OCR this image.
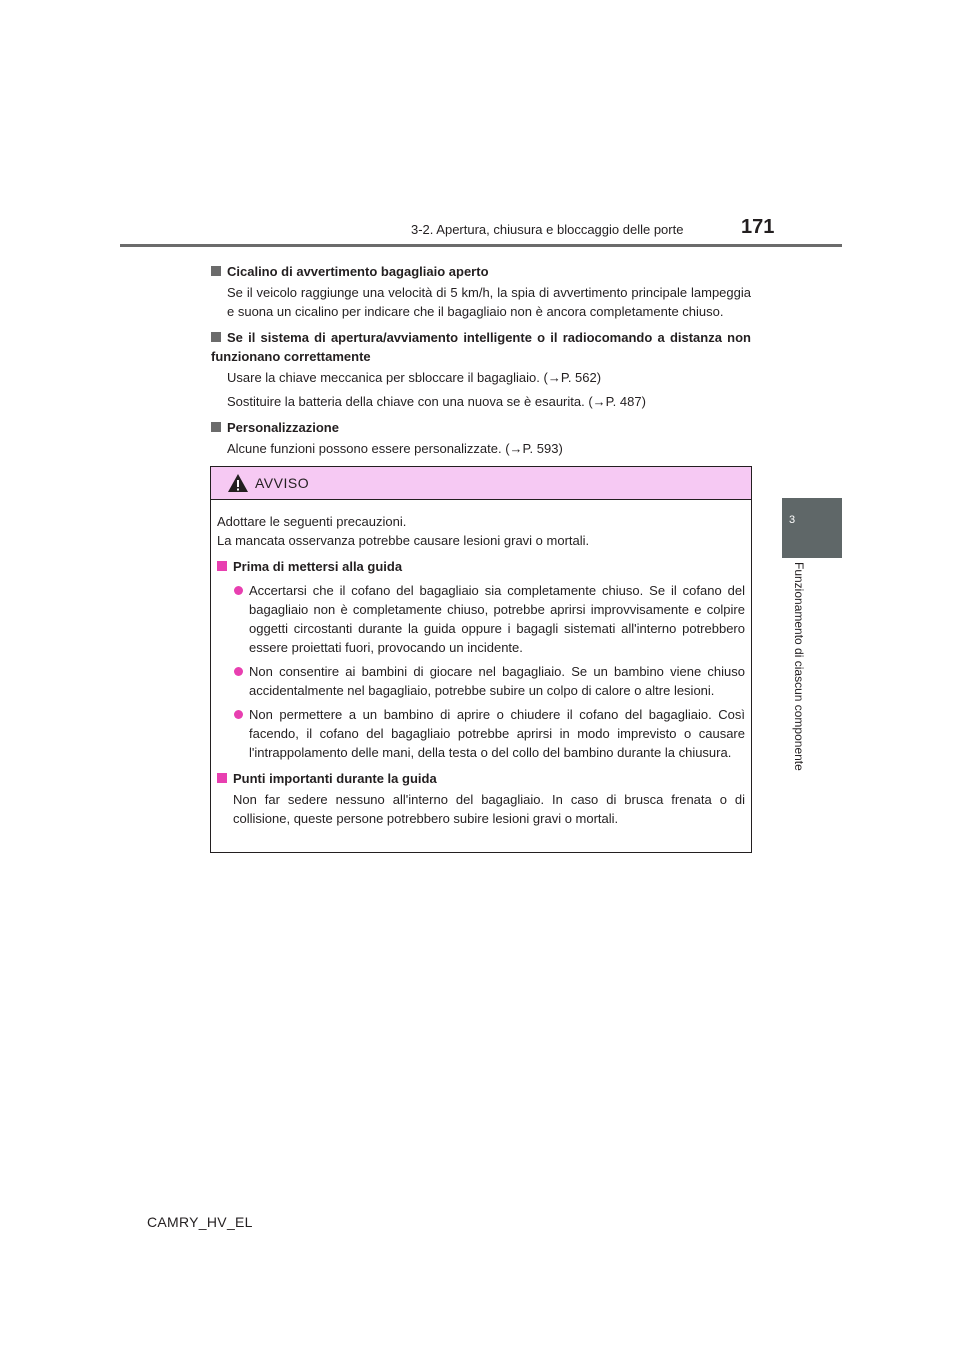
3-2. Apertura, chiusura e bloccaggio delle porte	171
3
Funzionamento di ciascun componente
Cicalino di avvertimento bagagliaio aperto
Se il veicolo raggiunge una velocità di 5 km/h, la spia di avvertimento principale lampeggia e suona un cicalino per indicare che il bagagliaio non è ancora completamente chiuso.
Se il sistema di apertura/avviamento intelligente o il radiocomando a distanza non funzionano correttamente
Usare la chiave meccanica per sbloccare il bagagliaio. (→P. 562)
Sostituire la batteria della chiave con una nuova se è esaurita. (→P. 487)
Personalizzazione
Alcune funzioni possono essere personalizzate. (→P. 593)
AVVISO
Adottare le seguenti precauzioni.
La mancata osservanza potrebbe causare lesioni gravi o mortali.
Prima di mettersi alla guida
Accertarsi che il cofano del bagagliaio sia completamente chiuso. Se il cofano del bagagliaio non è completamente chiuso, potrebbe aprirsi improvvisamente e colpire oggetti circostanti durante la guida oppure i bagagli sistemati all'interno potrebbero essere proiettati fuori, provocando un incidente.
Non consentire ai bambini di giocare nel bagagliaio. Se un bambino viene chiuso accidentalmente nel bagagliaio, potrebbe subire un colpo di calore o altre lesioni.
Non permettere a un bambino di aprire o chiudere il cofano del bagagliaio. Così facendo, il cofano del bagagliaio potrebbe aprirsi in modo imprevisto o causare l'intrappolamento delle mani, della testa o del collo del bambino durante la chiusura.
Punti importanti durante la guida
Non far sedere nessuno all'interno del bagagliaio. In caso di brusca frenata o di collisione, queste persone potrebbero subire lesioni gravi o mortali.
CAMRY_HV_EL
